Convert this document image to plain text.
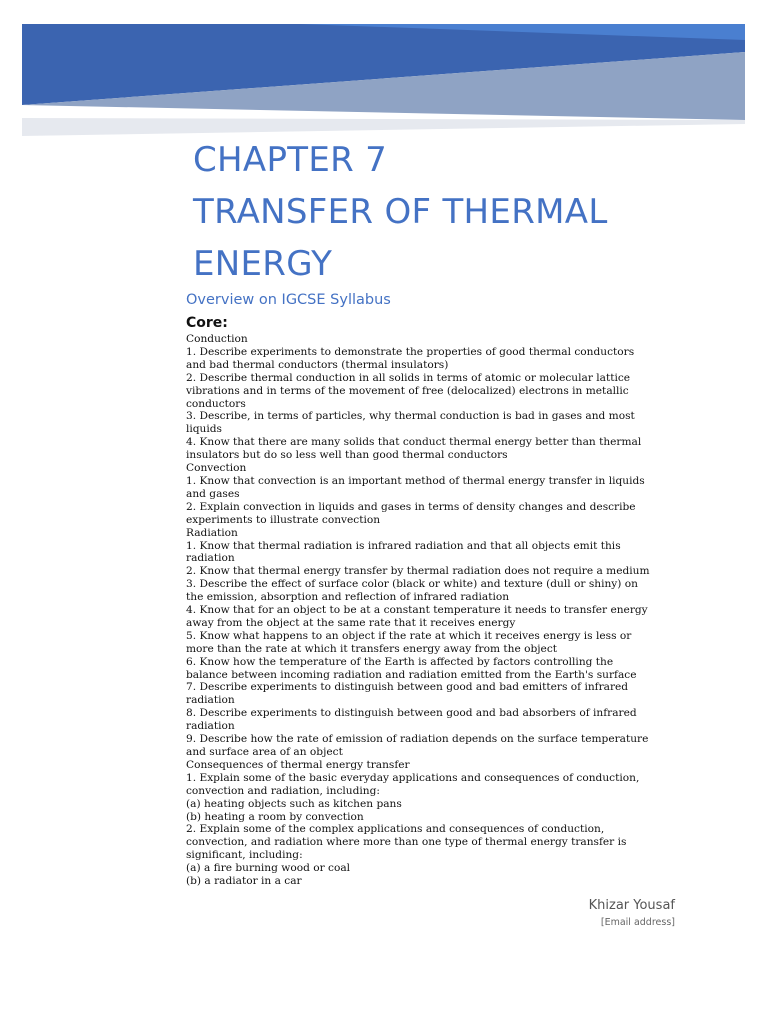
CHAPTER 7
TRANSFER OF THERMAL
ENERGY
Overview on IGCSE Syllabus
Core:
Conduction
1. Describe experiments to demonstrate the properties of good thermal conductors
and bad thermal conductors (thermal insulators)
2. Describe thermal conduction in all solids in terms of atomic or molecular lattice
vibrations and in terms of the movement of free (delocalized) electrons in metallic
conductors
3. Describe, in terms of particles, why thermal conduction is bad in gases and most
liquids
4. Know that there are many solids that conduct thermal energy better than thermal
insulators but do so less well than good thermal conductors
Convection
1. Know that convection is an important method of thermal energy transfer in liquids
and gases
2. Explain convection in liquids and gases in terms of density changes and describe
experiments to illustrate convection
Radiation
1. Know that thermal radiation is infrared radiation and that all objects emit this
radiation
2. Know that thermal energy transfer by thermal radiation does not require a medium
3. Describe the effect of surface color (black or white) and texture (dull or shiny) on
the emission, absorption and reflection of infrared radiation
4. Know that for an object to be at a constant temperature it needs to transfer energy
away from the object at the same rate that it receives energy
5. Know what happens to an object if the rate at which it receives energy is less or
more than the rate at which it transfers energy away from the object
6. Know how the temperature of the Earth is affected by factors controlling the
balance between incoming radiation and radiation emitted from the Earth's surface
7. Describe experiments to distinguish between good and bad emitters of infrared
radiation
8. Describe experiments to distinguish between good and bad absorbers of infrared
radiation
9. Describe how the rate of emission of radiation depends on the surface temperature
and surface area of an object
Consequences of thermal energy transfer
1. Explain some of the basic everyday applications and consequences of conduction,
convection and radiation, including:
(a) heating objects such as kitchen pans
(b) heating a room by convection
2. Explain some of the complex applications and consequences of conduction,
convection, and radiation where more than one type of thermal energy transfer is
significant, including:
(a) a fire burning wood or coal
(b) a radiator in a car
Khizar Yousaf
[Email address]
